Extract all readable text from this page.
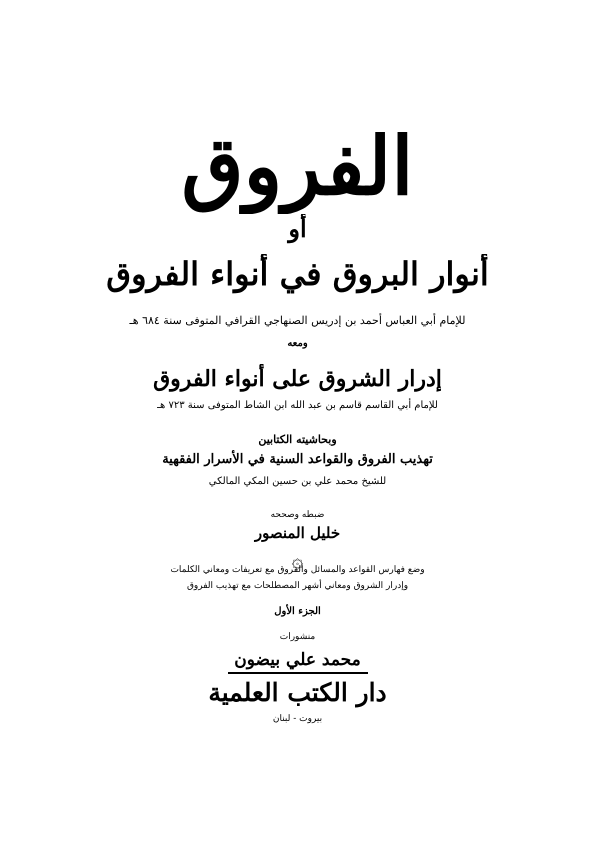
الفروق
أو
أنوار البروق في أنواء الفروق
للإمام أبي العباس أحمد بن إدريس الصنهاجي القرافي المتوفى سنة ٦٨٤ هـ
ومعه
إدرار الشروق على أنواء الفروق
للإمام أبي القاسم قاسم بن عبد الله ابن الشاط المتوفى سنة ٧٢٣ هـ
وبحاشيته الكتابين
تهذيب الفروق والقواعد السنية في الأسرار الفقهية
للشيخ محمد علي بن حسين المكي المالكي
ضبطه وصححه
خليل المنصور
۞
وضع فهارس القواعد والمسائل والفروق مع تعريفات ومعاني الكلمات
وإدرار الشروق ومعاني أشهر المصطلحات مع تهذيب الفروق
الجزء الأول
منشورات
محمد علي بيضون
دار الكتب العلمية
بيروت - لبنان
